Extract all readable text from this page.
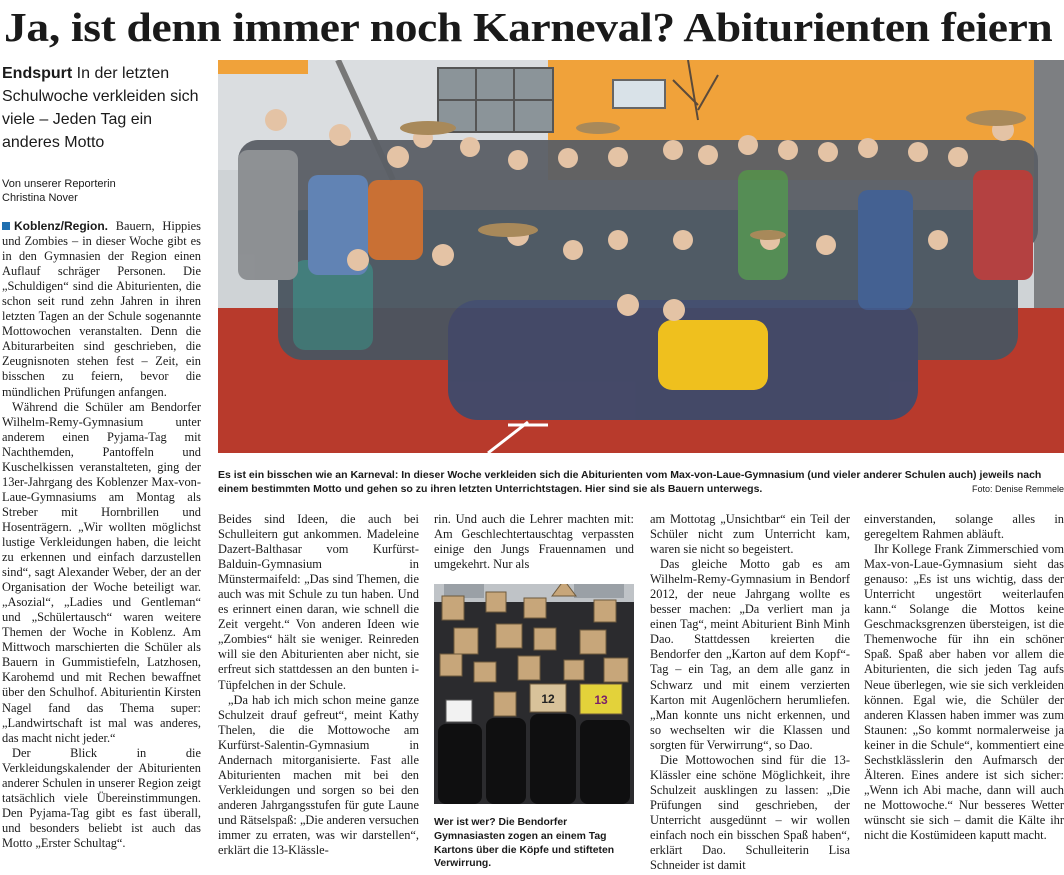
Ja, ist denn immer noch Karneval? Abiturienten feiern

Endspurt In der letzten Schulwoche verkleiden sich viele – Jeden Tag ein anderes Motto

Von unserer Reporterin
Christina Nover

Koblenz/Region. Bauern, Hippies und Zombies – in dieser Woche gibt es in den Gymnasien der Region einen Auflauf schräger Personen. Die „Schuldigen“ sind die Abiturienten, die schon seit rund zehn Jahren in ihren letzten Tagen an der Schule sogenannte Mottowochen veranstalten. Denn die Abiturarbeiten sind geschrieben, die Zeugnisnoten stehen fest – Zeit, ein bisschen zu feiern, bevor die mündlichen Prüfungen anfangen.

Während die Schüler am Bendorfer Wilhelm-Remy-Gymnasium unter anderem einen Pyjama-Tag mit Nachthemden, Pantoffeln und Kuschelkissen veranstalteten, ging der 13er-Jahrgang des Koblenzer Max-von-Laue-Gymnasiums am Montag als Streber mit Hornbrillen und Hosenträgern. „Wir wollten möglichst lustige Verkleidungen haben, die leicht zu erkennen und einfach darzustellen sind“, sagt Alexander Weber, der an der Organisation der Woche beteiligt war. „Asozial“, „Ladies und Gentleman“ und „Schülertausch“ waren weitere Themen der Woche in Koblenz. Am Mittwoch marschierten die Schüler als Bauern in Gummistiefeln, Latzhosen, Karohemd und mit Rechen bewaffnet über den Schulhof. Abiturientin Kirsten Nagel fand das Thema super: „Landwirtschaft ist mal was anderes, das macht nicht jeder.“

Der Blick in die Verkleidungskalender der Abiturienten anderer Schulen in unserer Region zeigt tatsächlich viele Übereinstimmungen. Den Pyjama-Tag gibt es fast überall, und besonders beliebt ist auch das Motto „Erster Schultag“.

Es ist ein bisschen wie an Karneval: In dieser Woche verkleiden sich die Abiturienten vom Max-von-Laue-Gymnasium (und vieler anderer Schulen auch) jeweils nach einem bestimmten Motto und gehen so zu ihren letzten Unterrichtstagen. Hier sind sie als Bauern unterwegs.	Foto: Denise Remmele

Beides sind Ideen, die auch bei Schulleitern gut ankommen. Madeleine Dazert-Balthasar vom Kurfürst-Balduin-Gymnasium in Münstermaifeld: „Das sind Themen, die auch was mit Schule zu tun haben. Und es erinnert einen daran, wie schnell die Zeit vergeht.“ Von anderen Ideen wie „Zombies“ hält sie weniger. Reinreden will sie den Abiturienten aber nicht, sie erfreut sich stattdessen an den bunten i-Tüpfelchen in der Schule.

„Da hab ich mich schon meine ganze Schulzeit drauf gefreut“, meint Kathy Thelen, die die Mottowoche am Kurfürst-Salentin-Gymnasium in Andernach mitorganisierte. Fast alle Abiturienten machen mit bei den Verkleidungen und sorgen so bei den anderen Jahrgangsstufen für gute Laune und Rätselspaß: „Die anderen versuchen immer zu erraten, was wir darstellen“, erklärt die 13-Klässle-

rin. Und auch die Lehrer machten mit: Am Geschlechtertauschtag verpassten einige den Jungs Frauennamen und umgekehrt. Nur als

12	13

Wer ist wer? Die Bendorfer Gymnasiasten zogen an einem Tag Kartons über die Köpfe und stifteten Verwirrung.

am Mottotag „Unsichtbar“ ein Teil der Schüler nicht zum Unterricht kam, waren sie nicht so begeistert.

Das gleiche Motto gab es am Wilhelm-Remy-Gymnasium in Bendorf 2012, der neue Jahrgang wollte es besser machen: „Da verliert man ja einen Tag“, meint Abiturient Binh Minh Dao. Stattdessen kreierten die Bendorfer den „Karton auf dem Kopf“-Tag – ein Tag, an dem alle ganz in Schwarz und mit einem verzierten Karton mit Augenlöchern herumliefen. „Man konnte uns nicht erkennen, und so wechselten wir die Klassen und sorgten für Verwirrung“, so Dao.

Die Mottowochen sind für die 13-Klässler eine schöne Möglichkeit, ihre Schulzeit ausklingen zu lassen: „Die Prüfungen sind geschrieben, der Unterricht ausgedünnt – wir wollen einfach noch ein bisschen Spaß haben“, erklärt Dao. Schulleiterin Lisa Schneider ist damit

einverstanden, solange alles in geregeltem Rahmen abläuft.

Ihr Kollege Frank Zimmerschied vom Max-von-Laue-Gymnasium sieht das genauso: „Es ist uns wichtig, dass der Unterricht ungestört weiterlaufen kann.“ Solange die Mottos keine Geschmacksgrenzen übersteigen, ist die Themenwoche für ihn ein schöner Spaß. Spaß aber haben vor allem die Abiturienten, die sich jeden Tag aufs Neue überlegen, wie sie sich verkleiden können. Egal wie, die Schüler der anderen Klassen haben immer was zum Staunen: „So kommt normalerweise ja keiner in die Schule“, kommentiert eine Sechstklässlerin den Aufmarsch der Älteren. Eines andere ist sich sicher: „Wenn ich Abi mache, dann will auch ne Mottowoche.“ Nur besseres Wetter wünscht sie sich – damit die Kälte ihr nicht die Kostümideen kaputt macht.
